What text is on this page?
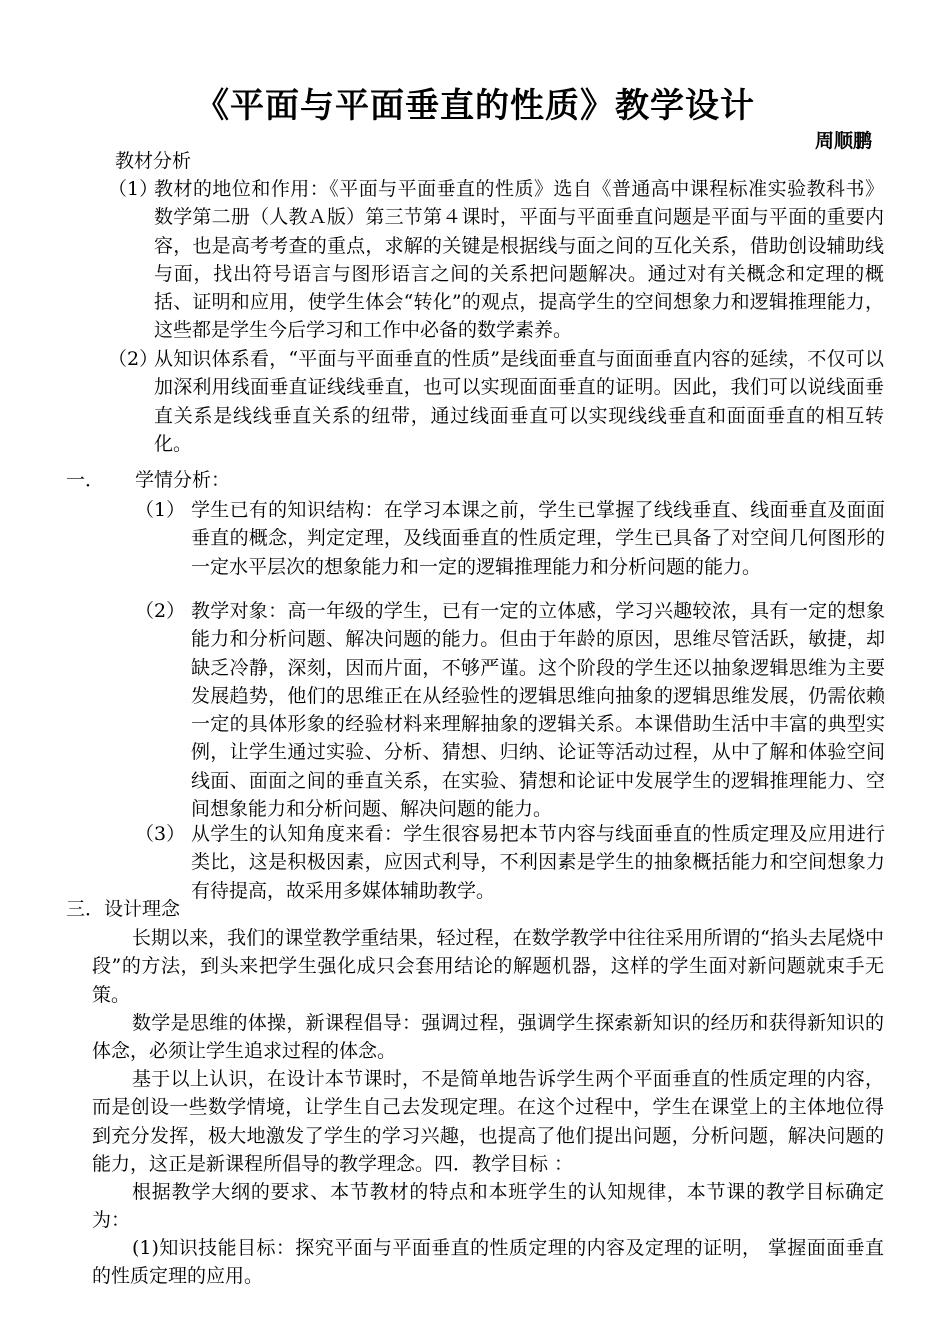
《平面与平面垂直的性质》教学设计
周顺鹏
教材分析
（1）
教材的地位和作用：《平面与平面垂直的性质》选自《普通高中课程标准实验教科书》数学第二册（人教Ａ版）第三节第４课时，平面与平面垂直问题是平面与平面的重要内容，也是高考考查的重点，求解的关键是根据线与面之间的互化关系，借助创设辅助线与面，找出符号语言与图形语言之间的关系把问题解决。通过对有关概念和定理的概括、证明和应用，使学生体会“转化”的观点，提高学生的空间想象力和逻辑推理能力，这些都是学生今后学习和工作中必备的数学素养。
（2）
从知识体系看，“平面与平面垂直的性质”是线面垂直与面面垂直内容的延续，不仅可以加深利用线面垂直证线线垂直，也可以实现面面垂直的证明。因此，我们可以说线面垂直关系是线线垂直关系的纽带，通过线面垂直可以实现线线垂直和面面垂直的相互转化。
一． 学情分析：
（1） 学生已有的知识结构：在学习本课之前，学生已掌握了线线垂直、线面垂直及面面垂直的概念，判定定理，及线面垂直的性质定理，学生已具备了对空间几何图形的一定水平层次的想象能力和一定的逻辑推理能力和分析问题的能力。
（2） 教学对象：高一年级的学生，已有一定的立体感，学习兴趣较浓，具有一定的想象能力和分析问题、解决问题的能力。但由于年龄的原因，思维尽管活跃，敏捷，却缺乏冷静，深刻，因而片面，不够严谨。这个阶段的学生还以抽象逻辑思维为主要发展趋势，他们的思维正在从经验性的逻辑思维向抽象的逻辑思维发展，仍需依赖一定的具体形象的经验材料来理解抽象的逻辑关系。本课借助生活中丰富的典型实例，让学生通过实验、分析、猜想、归纳、论证等活动过程，从中了解和体验空间线面、面面之间的垂直关系，在实验、猜想和论证中发展学生的逻辑推理能力、空间想象能力和分析问题、解决问题的能力。
（3） 从学生的认知角度来看：学生很容易把本节内容与线面垂直的性质定理及应用进行类比，这是积极因素，应因式利导，不利因素是学生的抽象概括能力和空间想象力有待提高，故采用多媒体辅助教学。
三．设计理念
长期以来，我们的课堂教学重结果，轻过程，在数学教学中往往采用所谓的“掐头去尾烧中段”的方法，到头来把学生强化成只会套用结论的解题机器，这样的学生面对新问题就束手无策。
数学是思维的体操，新课程倡导：强调过程，强调学生探索新知识的经历和获得新知识的体念，必须让学生追求过程的体念。
基于以上认识，在设计本节课时，不是简单地告诉学生两个平面垂直的性质定理的内容，而是创设一些数学情境，让学生自己去发现定理。在这个过程中，学生在课堂上的主体地位得到充分发挥，极大地激发了学生的学习兴趣，也提高了他们提出问题，分析问题，解决问题的能力，这正是新课程所倡导的教学理念。四．教学目标 ：
根据教学大纲的要求、本节教材的特点和本班学生的认知规律，本节课的教学目标确定为：
(1)知识技能目标：探究平面与平面垂直的性质定理的内容及定理的证明， 掌握面面垂直的性质定理的应用。
